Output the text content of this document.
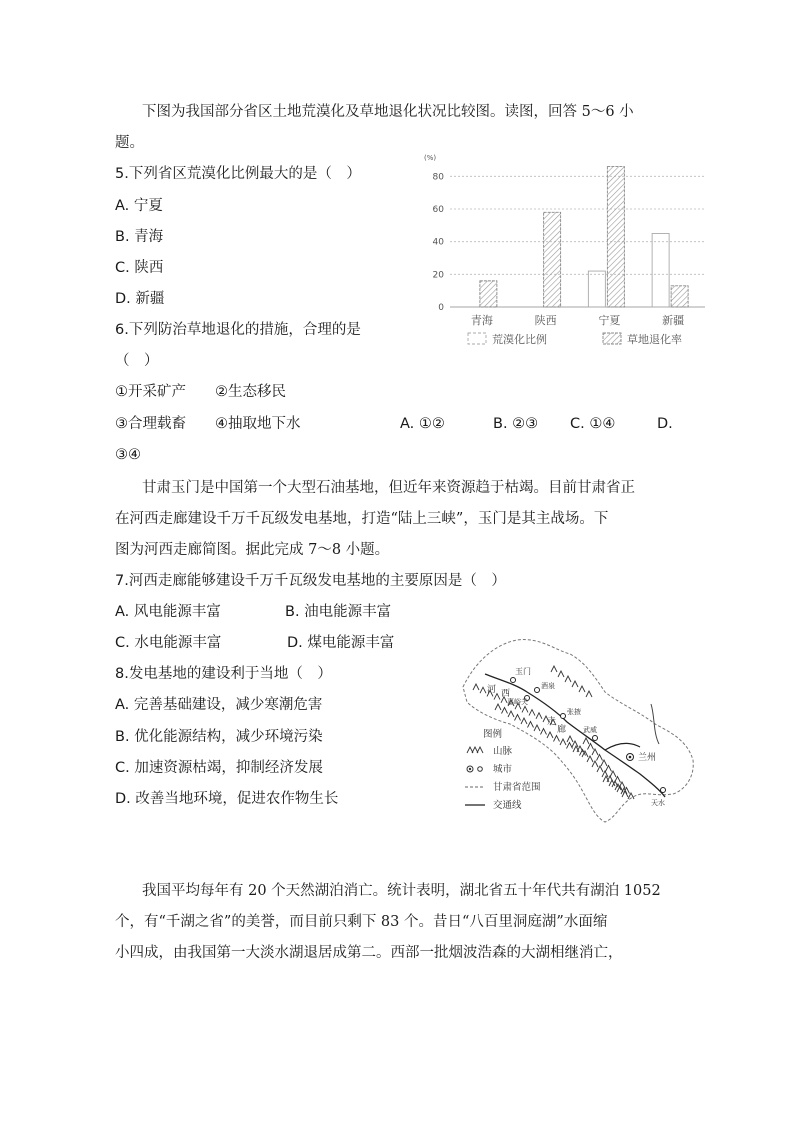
下图为我国部分省区土地荒漠化及草地退化状况比较图。读图，回答 5～6 小
题。
5.下列省区荒漠化比例最大的是（　）
A. 宁夏
B. 青海
C. 陕西
D. 新疆
6.下列防治草地退化的措施，合理的是
（　）
①开采矿产　　②生态移民
③合理载畜　　④抽取地下水	A. ①②	B. ②③ C. ①④	D.
③④
0
20
40
60
80
(%)
青海	陕西	宁夏	新疆
荒漠化比例	草地退化率
甘肃玉门是中国第一个大型石油基地，但近年来资源趋于枯竭。目前甘肃省正
在河西走廊建设千万千瓦级发电基地，打造“陆上三峡”，玉门是其主战场。下
图为河西走廊简图。据此完成 7～8 小题。
7.河西走廊能够建设千万千瓦级发电基地的主要原因是（　）
A. 风电能源丰富	B. 油电能源丰富
C. 水电能源丰富	D. 煤电能源丰富
8.发电基地的建设利于当地（　）
A. 完善基础建设，减少寒潮危害
B. 优化能源结构，减少环境污染
C. 加速资源枯竭，抑制经济发展
D. 改善当地环境，促进农作物生长
玉门
酒泉
嘉峪关
张掖
武威
兰州
天水
河 西
走
廊
图例
山脉
城市
甘肃省范围
交通线
我国平均每年有 20 个天然湖泊消亡。统计表明，湖北省五十年代共有湖泊 1052
个，有“千湖之省”的美誉，而目前只剩下 83 个。昔日“八百里洞庭湖”水面缩
小四成，由我国第一大淡水湖退居成第二。西部一批烟波浩森的大湖相继消亡，
